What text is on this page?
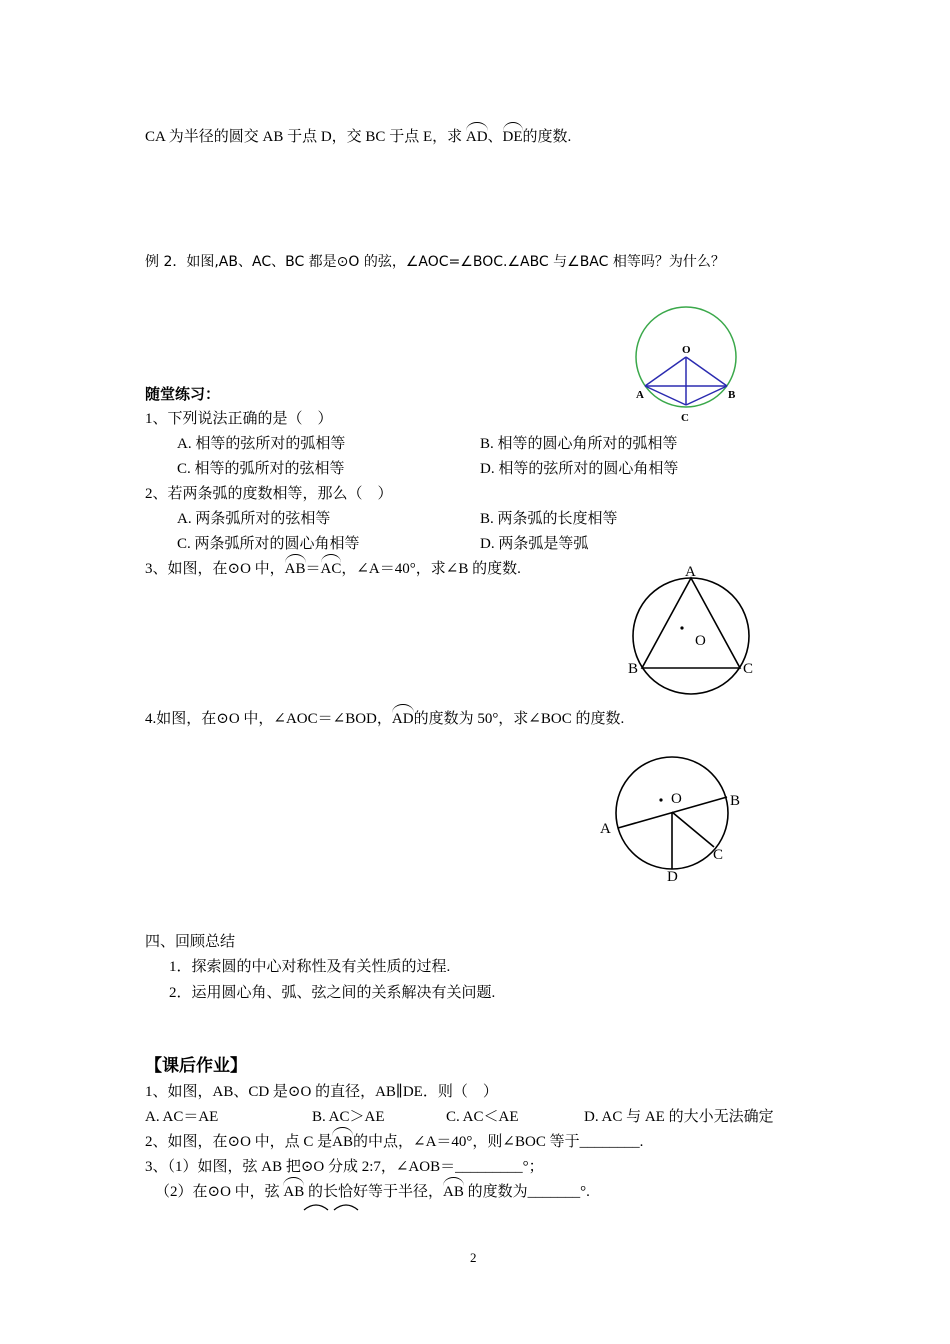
CA 为半径的圆交 AB 于点 D，交 BC 于点 E，求 AD、DE的度数.
例 2．如图,AB、AC、BC 都是⊙O 的弦，∠AOC=∠BOC.∠ABC 与∠BAC 相等吗？为什么？
O
A	B
C
随堂练习：
1、下列说法正确的是（　）
A. 相等的弦所对的弧相等	B. 相等的圆心角所对的弧相等
C. 相等的弧所对的弦相等	D. 相等的弦所对的圆心角相等
2、若两条弧的度数相等，那么（　）
A. 两条弧所对的弦相等	B. 两条弧的长度相等
C. 两条弧所对的圆心角相等	D. 两条弧是等弧
3、如图，在⊙O 中，AB＝AC，∠A＝40°，求∠B 的度数.	A
O
B	C
4.如图，在⊙O 中，∠AOC＝∠BOD，AD的度数为 50°，求∠BOC 的度数.
O	B
A
C
D
四、回顾总结
1．探索圆的中心对称性及有关性质的过程.
2．运用圆心角、弧、弦之间的关系解决有关问题.
【课后作业】
1、如图，AB、CD 是⊙O 的直径，AB∥DE．则（　）
A. AC＝AE	B. AC＞AE	C. AC＜AE	D. AC 与 AE 的大小无法确定
2、如图，在⊙O 中，点 C 是AB的中点，∠A＝40°，则∠BOC 等于________.
3、（1）如图，弦 AB 把⊙O 分成 2:7，∠AOB＝_________°；
（2）在⊙O 中，弦 AB 的长恰好等于半径，AB 的度数为_______°.
2
